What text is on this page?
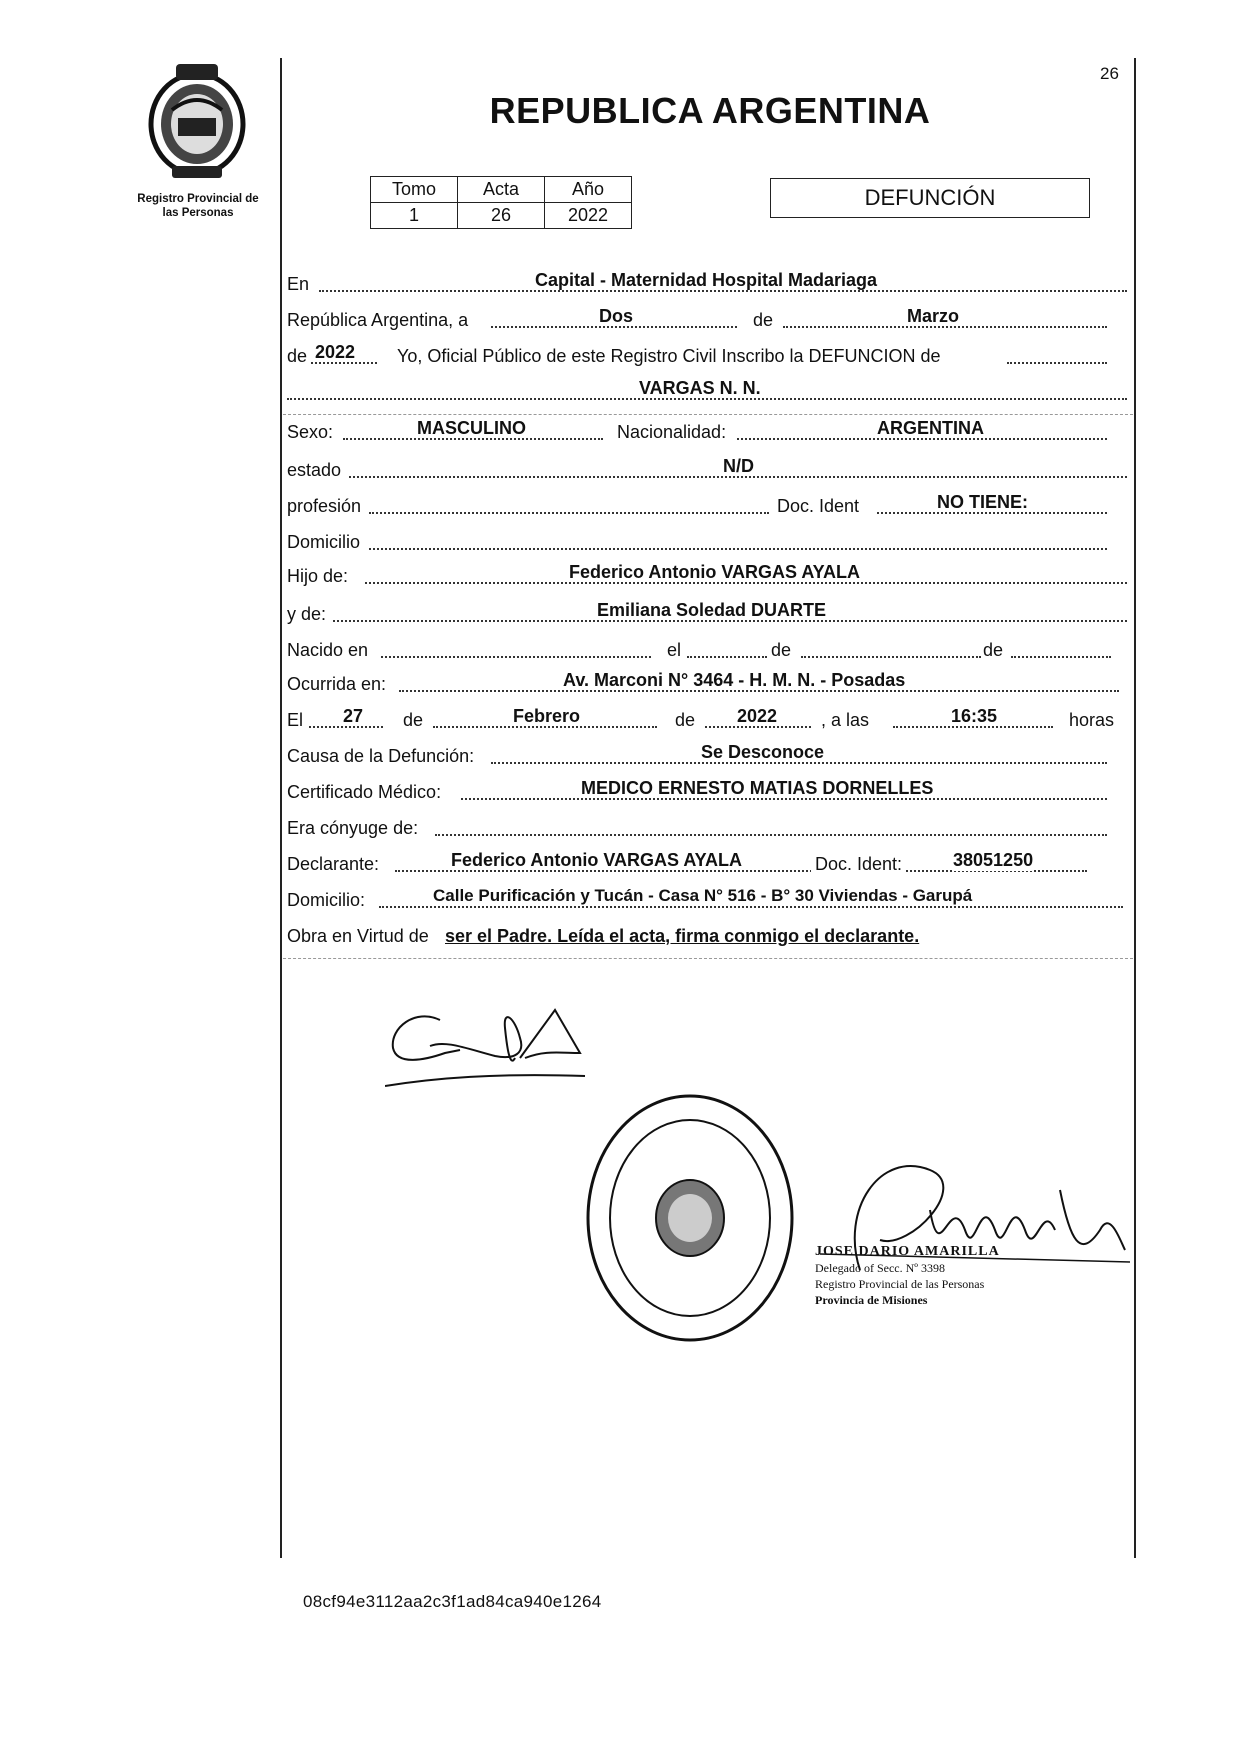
Registro Provincial de
las Personas
26
REPUBLICA ARGENTINA
Tomo	Acta	Año
1	26	2022
DEFUNCIÓN
En	Capital - Maternidad Hospital Madariaga
República Argentina, a	Dos	de	Marzo
de 2022 Yo, Oficial Público de este Registro Civil Inscribo la DEFUNCION de
VARGAS N. N.
Sexo:	MASCULINO	Nacionalidad:	ARGENTINA
estado	N/D
profesión	Doc. Ident	NO TIENE:
Domicilio
Hijo de:	Federico Antonio VARGAS AYALA
y de:	Emiliana Soledad DUARTE
Nacido en	el	de	de
Ocurrida en:	Av. Marconi N° 3464 - H. M. N. - Posadas
El 27 de	Febrero	de 2022 , a las	16:35	horas
Causa de la Defunción:	Se Desconoce
Certificado Médico:	MEDICO ERNESTO MATIAS DORNELLES
Era cónyuge de:
Declarante:	Federico Antonio VARGAS AYALA	Doc. Ident:	38051250
Domicilio:	Calle Purificación y Tucán - Casa N° 516 - B° 30 Viviendas - Garupá
Obra en Virtud de ser el Padre. Leída el acta, firma conmigo el declarante.
JOSE DARIO AMARILLA
Delegado of Secc. Nº 3398
Registro Provincial de las Personas
Provincia de Misiones
08cf94e3112aa2c3f1ad84ca940e1264
